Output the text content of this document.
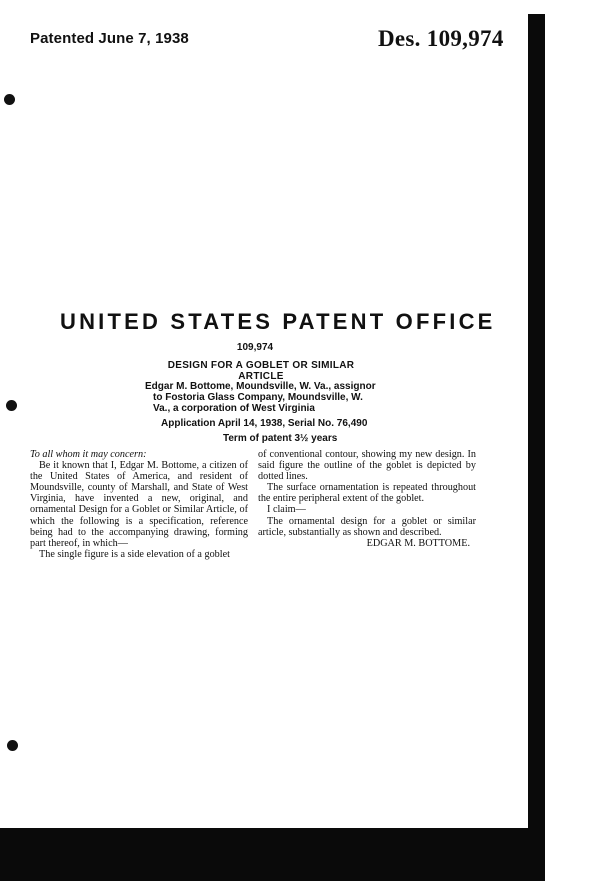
Patented June 7, 1938	Des. 109,974
UNITED STATES PATENT OFFICE
109,974
DESIGN FOR A GOBLET OR SIMILAR
ARTICLE
Edgar M. Bottome, Moundsville, W. Va., assignor
to Fostoria Glass Company, Moundsville, W.
Va., a corporation of West Virginia
Application April 14, 1938, Serial No. 76,490
Term of patent 3½ years

To all whom it may concern:

Be it known that I, Edgar M. Bottome, a citizen of the United States of America, and resident of Moundsville, county of Marshall, and State of West Virginia, have invented a new, original, and ornamental Design for a Goblet or Similar Article, of which the following is a specification, reference being had to the accompanying drawing, forming part thereof, in which—

The single figure is a side elevation of a goblet

of conventional contour, showing my new design. In said figure the outline of the goblet is depicted by dotted lines.

The surface ornamentation is repeated throughout the entire peripheral extent of the goblet.

I claim—

The ornamental design for a goblet or similar article, substantially as shown and described.

EDGAR M. BOTTOME.
